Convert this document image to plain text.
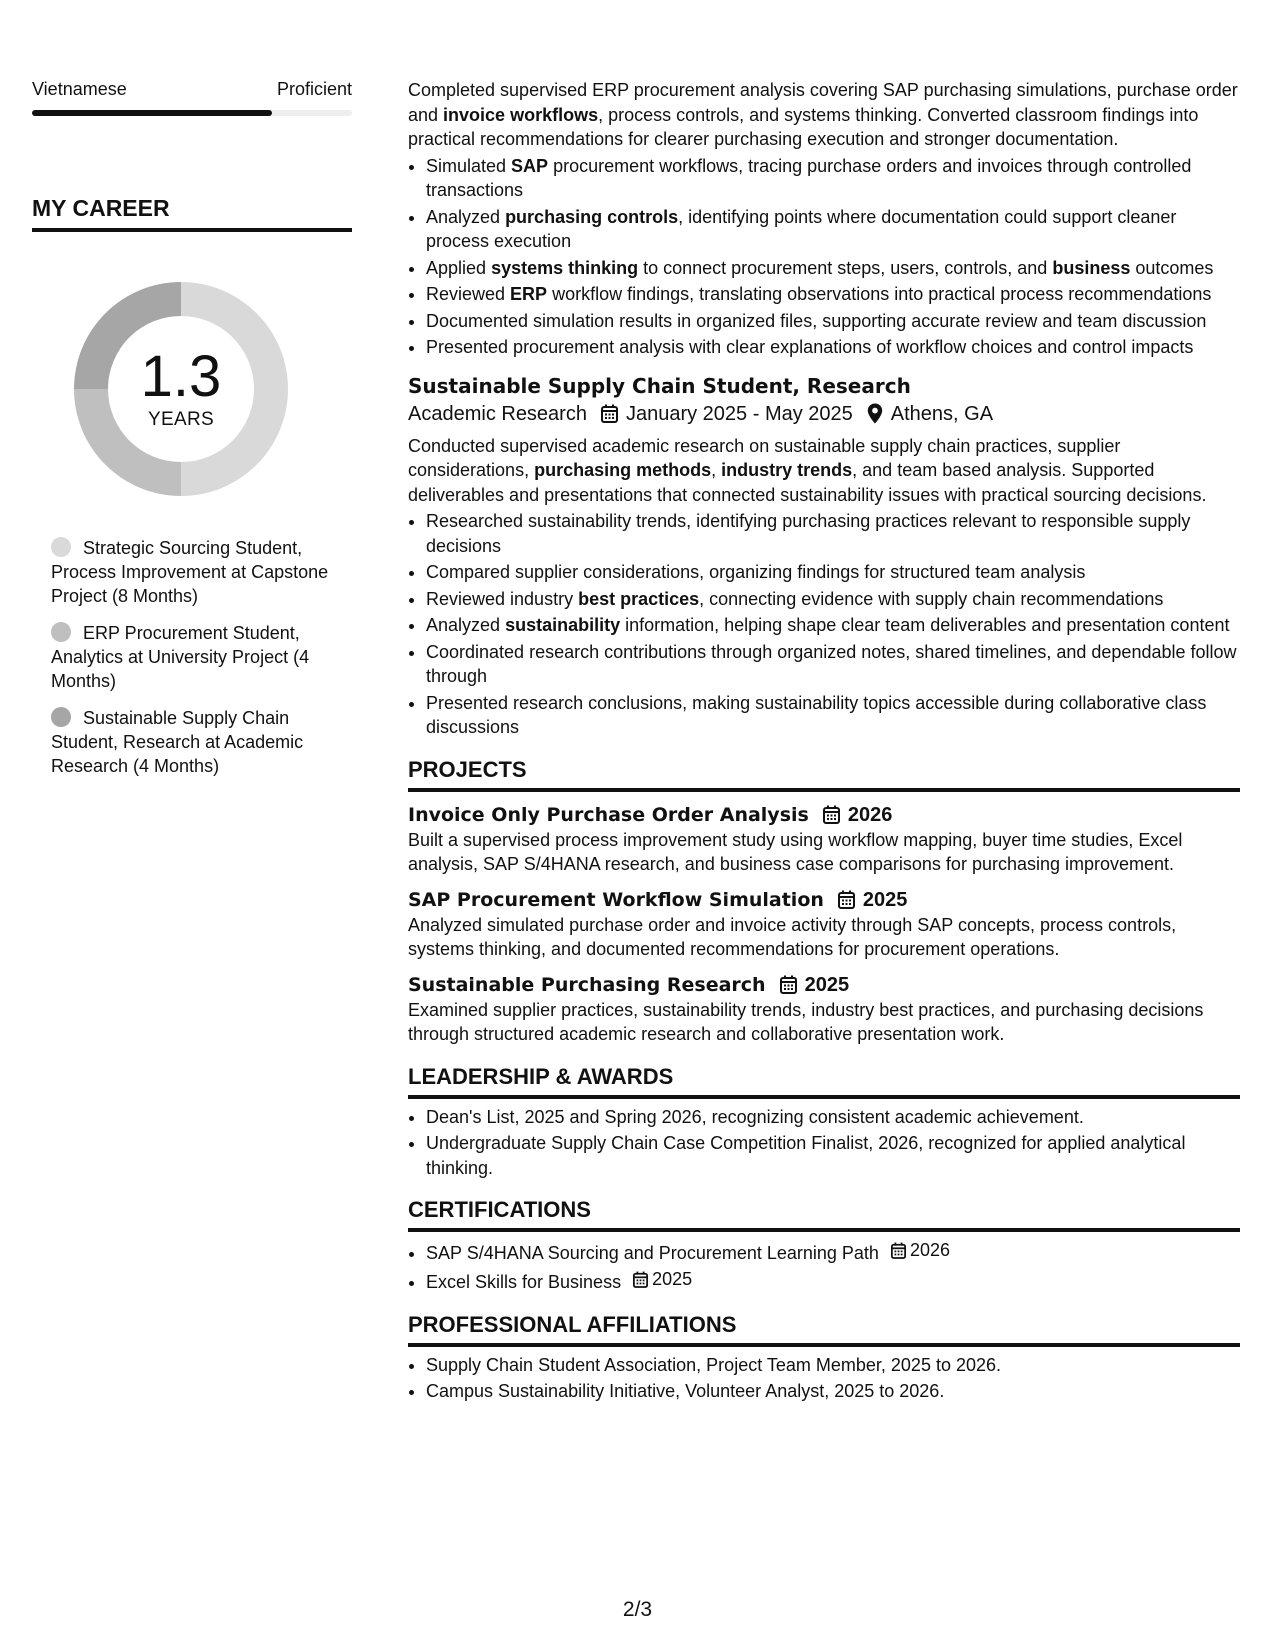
Vietnamese	Proficient
MY CAREER
1.3
YEARS
Strategic Sourcing Student, Process Improvement at Capstone Project (8 Months)
ERP Procurement Student, Analytics at University Project (4 Months)
Sustainable Supply Chain Student, Research at Academic Research (4 Months)

Completed supervised ERP procurement analysis covering SAP purchasing simulations, purchase order and invoice workflows, process controls, and systems thinking. Converted classroom findings into practical recommendations for clearer purchasing execution and stronger documentation.

• Simulated SAP procurement workflows, tracing purchase orders and invoices through controlled transactions
• Analyzed purchasing controls, identifying points where documentation could support cleaner process execution
• Applied systems thinking to connect procurement steps, users, controls, and business outcomes
• Reviewed ERP workflow findings, translating observations into practical process recommendations
• Documented simulation results in organized files, supporting accurate review and team discussion
• Presented procurement analysis with clear explanations of workflow choices and control impacts
Sustainable Supply Chain Student, Research
Academic Research January 2025 - May 2025 Athens, GA

Conducted supervised academic research on sustainable supply chain practices, supplier considerations, purchasing methods, industry trends, and team based analysis. Supported deliverables and presentations that connected sustainability issues with practical sourcing decisions.

• Researched sustainability trends, identifying purchasing practices relevant to responsible supply decisions
• Compared supplier considerations, organizing findings for structured team analysis
• Reviewed industry best practices, connecting evidence with supply chain recommendations
• Analyzed sustainability information, helping shape clear team deliverables and presentation content
• Coordinated research contributions through organized notes, shared timelines, and dependable follow through
• Presented research conclusions, making sustainability topics accessible during collaborative class discussions
PROJECTS
Invoice Only Purchase Order Analysis 2026

Built a supervised process improvement study using workflow mapping, buyer time studies, Excel analysis, SAP S/4HANA research, and business case comparisons for purchasing improvement.

SAP Procurement Workflow Simulation 2025

Analyzed simulated purchase order and invoice activity through SAP concepts, process controls, systems thinking, and documented recommendations for procurement operations.

Sustainable Purchasing Research 2025

Examined supplier practices, sustainability trends, industry best practices, and purchasing decisions through structured academic research and collaborative presentation work.

LEADERSHIP & AWARDS
• Dean's List, 2025 and Spring 2026, recognizing consistent academic achievement.
• Undergraduate Supply Chain Case Competition Finalist, 2026, recognized for applied analytical thinking.
CERTIFICATIONS
• SAP S/4HANA Sourcing and Procurement Learning Path 2026
• Excel Skills for Business 2025
PROFESSIONAL AFFILIATIONS
• Supply Chain Student Association, Project Team Member, 2025 to 2026.
• Campus Sustainability Initiative, Volunteer Analyst, 2025 to 2026.
2/3
